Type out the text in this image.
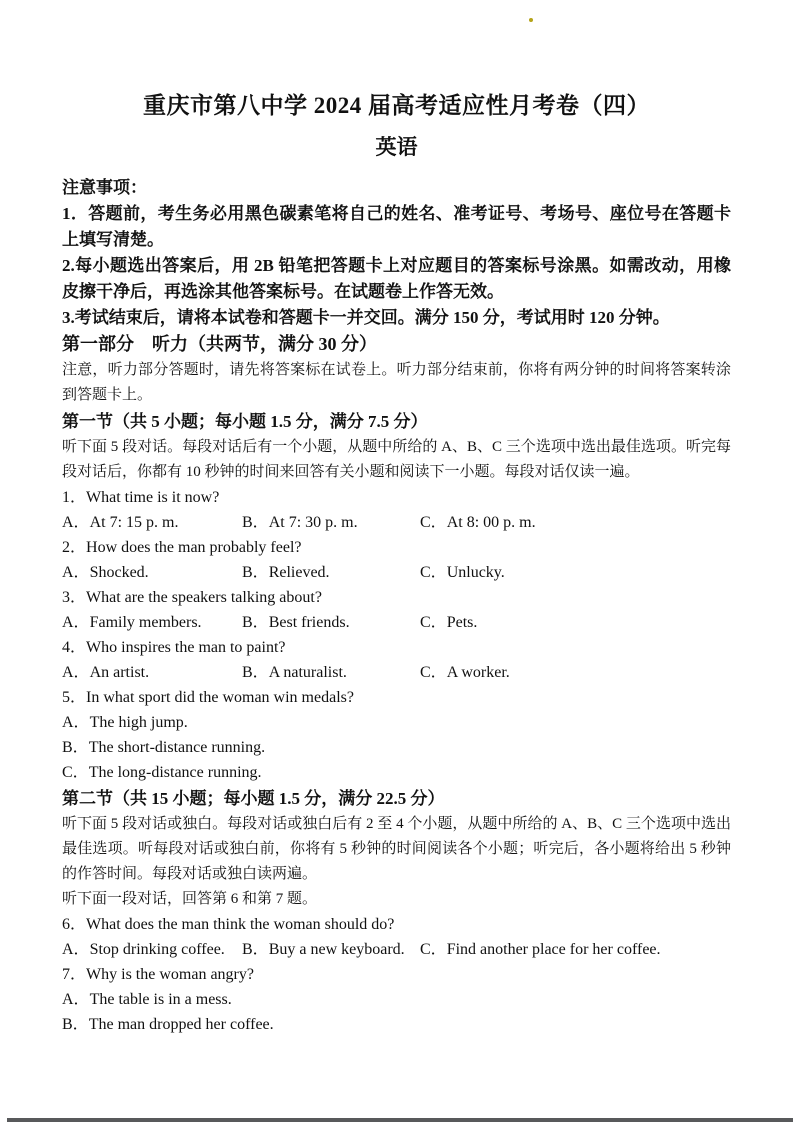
重庆市第八中学 2024 届高考适应性月考卷（四）
英语

注意事项：

1．答题前，考生务必用黑色碳素笔将自己的姓名、准考证号、考场号、座位号在答题卡上填写清楚。

2.每小题选出答案后，用 2B 铅笔把答题卡上对应题目的答案标号涂黑。如需改动，用橡皮擦干净后，再选涂其他答案标号。在试题卷上作答无效。

3.考试结束后，请将本试卷和答题卡一并交回。满分 150 分，考试用时 120 分钟。

第一部分　听力（共两节，满分 30 分）

注意，听力部分答题时，请先将答案标在试卷上。听力部分结束前，你将有两分钟的时间将答案转涂到答题卡上。

第一节（共 5 小题；每小题 1.5 分，满分 7.5 分）

听下面 5 段对话。每段对话后有一个小题，从题中所给的 A、B、C 三个选项中选出最佳选项。听完每段对话后，你都有 10 秒钟的时间来回答有关小题和阅读下一小题。每段对话仅读一遍。

1．What time is it now?

A．At 7: 15 p. m.	B．At 7: 30 p. m.	C．At 8: 00 p. m.

2．How does the man probably feel?

A．Shocked.	B．Relieved.	C．Unlucky.

3．What are the speakers talking about?

A．Family members.	B．Best friends.	C．Pets.

4．Who inspires the man to paint?

A．An artist.	B．A naturalist.	C．A worker.

5．In what sport did the woman win medals?

A．The high jump.

B．The short-distance running.

C．The long-distance running.

第二节（共 15 小题；每小题 1.5 分，满分 22.5 分）

听下面 5 段对话或独白。每段对话或独白后有 2 至 4 个小题，从题中所给的 A、B、C 三个选项中选出最佳选项。听每段对话或独白前，你将有 5 秒钟的时间阅读各个小题；听完后，各小题将给出 5 秒钟的作答时间。每段对话或独白读两遍。

听下面一段对话，回答第 6 和第 7 题。

6．What does the man think the woman should do?

A．Stop drinking coffee.	B．Buy a new keyboard. C．Find another place for her coffee.

7．Why is the woman angry?

A．The table is in a mess.

B．The man dropped her coffee.
